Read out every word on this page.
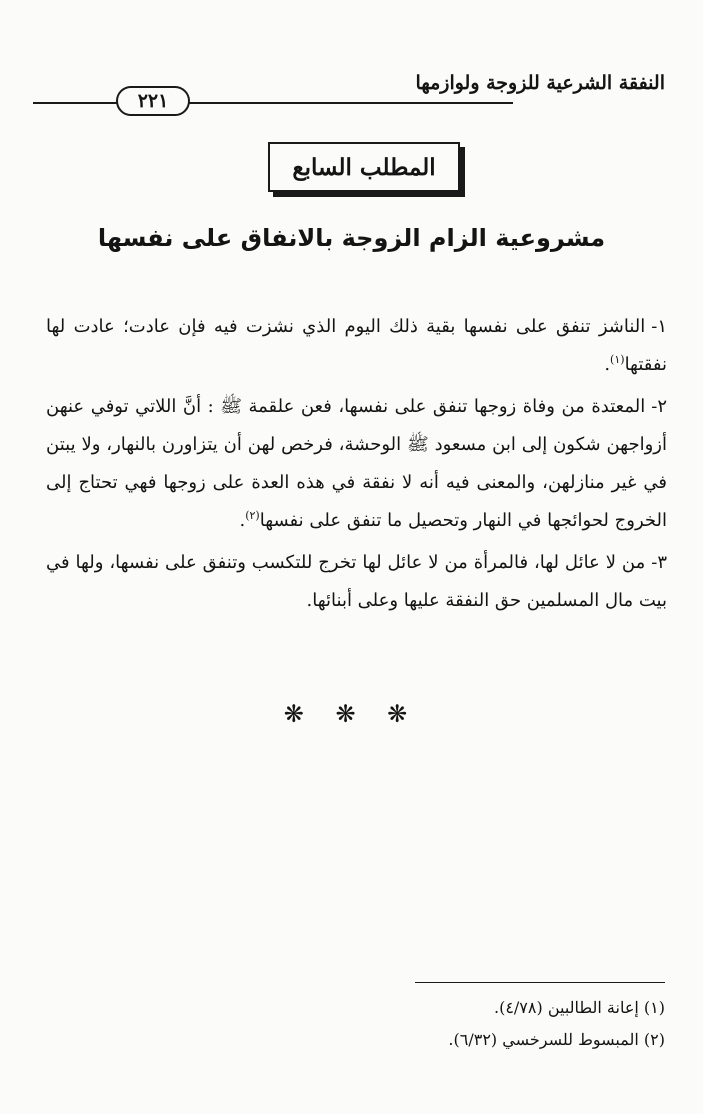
النفقة الشرعية للزوجة ولوازمها
٢٢١
المطلب السابع
مشروعية الزام الزوجة بالانفاق على نفسها

١-الناشز تنفق على نفسها بقية ذلك اليوم الذي نشزت فيه فإن عادت؛ عادت لها نفقتها$^{(١)}$.

٢-المعتدة من وفاة زوجها تنفق على نفسها، فعن علقمة ﷺ : أنَّ اللاتي توفي عنهن أزواجهن شكون إلى ابن مسعود ﷺ الوحشة، فرخص لهن أن يتزاورن بالنهار، ولا يبتن في غير منازلهن، والمعنى فيه أنه لا نفقة في هذه العدة على زوجها فهي تحتاج إلى الخروج لحوائجها في النهار وتحصيل ما تنفق على نفسها$^{(٢)}$.

٣-من لا عائل لها، فالمرأة من لا عائل لها تخرج للتكسب وتنفق على نفسها، ولها في بيت مال المسلمين حق النفقة عليها وعلى أبنائها.

❋ ❋ ❋
(١) إعانة الطالبين (٤/٧٨).
(٢) المبسوط للسرخسي (٦/٣٢).
